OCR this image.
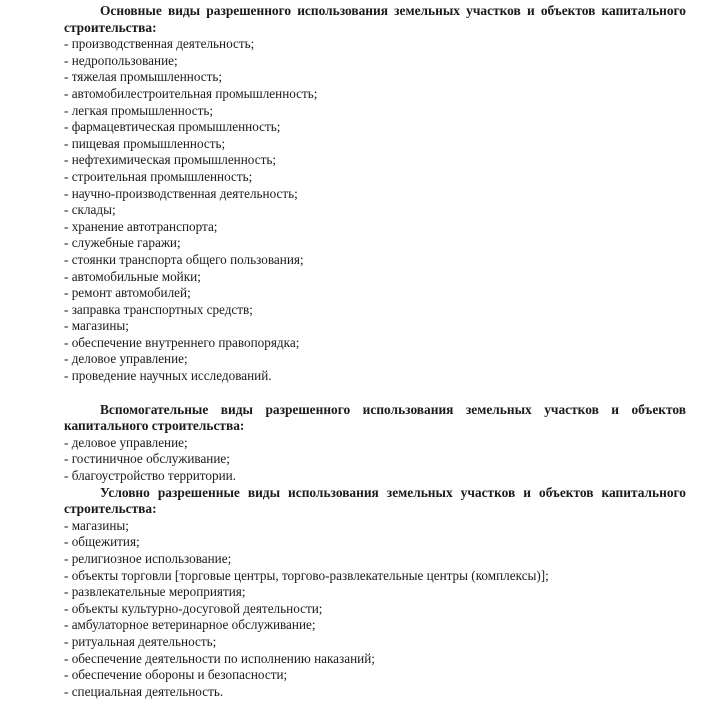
Основные виды разрешенного использования земельных участков и объектов капитального строительства:

- производственная деятельность;
- недропользование;
- тяжелая промышленность;
- автомобилестроительная промышленность;
- легкая промышленность;
- фармацевтическая промышленность;
- пищевая промышленность;
- нефтехимическая промышленность;
- строительная промышленность;
- научно-производственная деятельность;
- склады;
- хранение автотранспорта;
- служебные гаражи;
- стоянки транспорта общего пользования;
- автомобильные мойки;
- ремонт автомобилей;
- заправка транспортных средств;
- магазины;
- обеспечение внутреннего правопорядка;
- деловое управление;
- проведение научных исследований.

Вспомогательные виды разрешенного использования земельных участков и объектов капитального строительства:

- деловое управление;
- гостиничное обслуживание;
- благоустройство территории.

Условно разрешенные виды использования земельных участков и объектов капитального строительства:

- магазины;
- общежития;
- религиозное использование;
- объекты торговли [торговые центры, торгово-развлекательные центры (комплексы)];
- развлекательные мероприятия;
- объекты культурно-досуговой деятельности;
- амбулаторное ветеринарное обслуживание;
- ритуальная деятельность;
- обеспечение деятельности по исполнению наказаний;
- обеспечение обороны и безопасности;
- специальная деятельность.
